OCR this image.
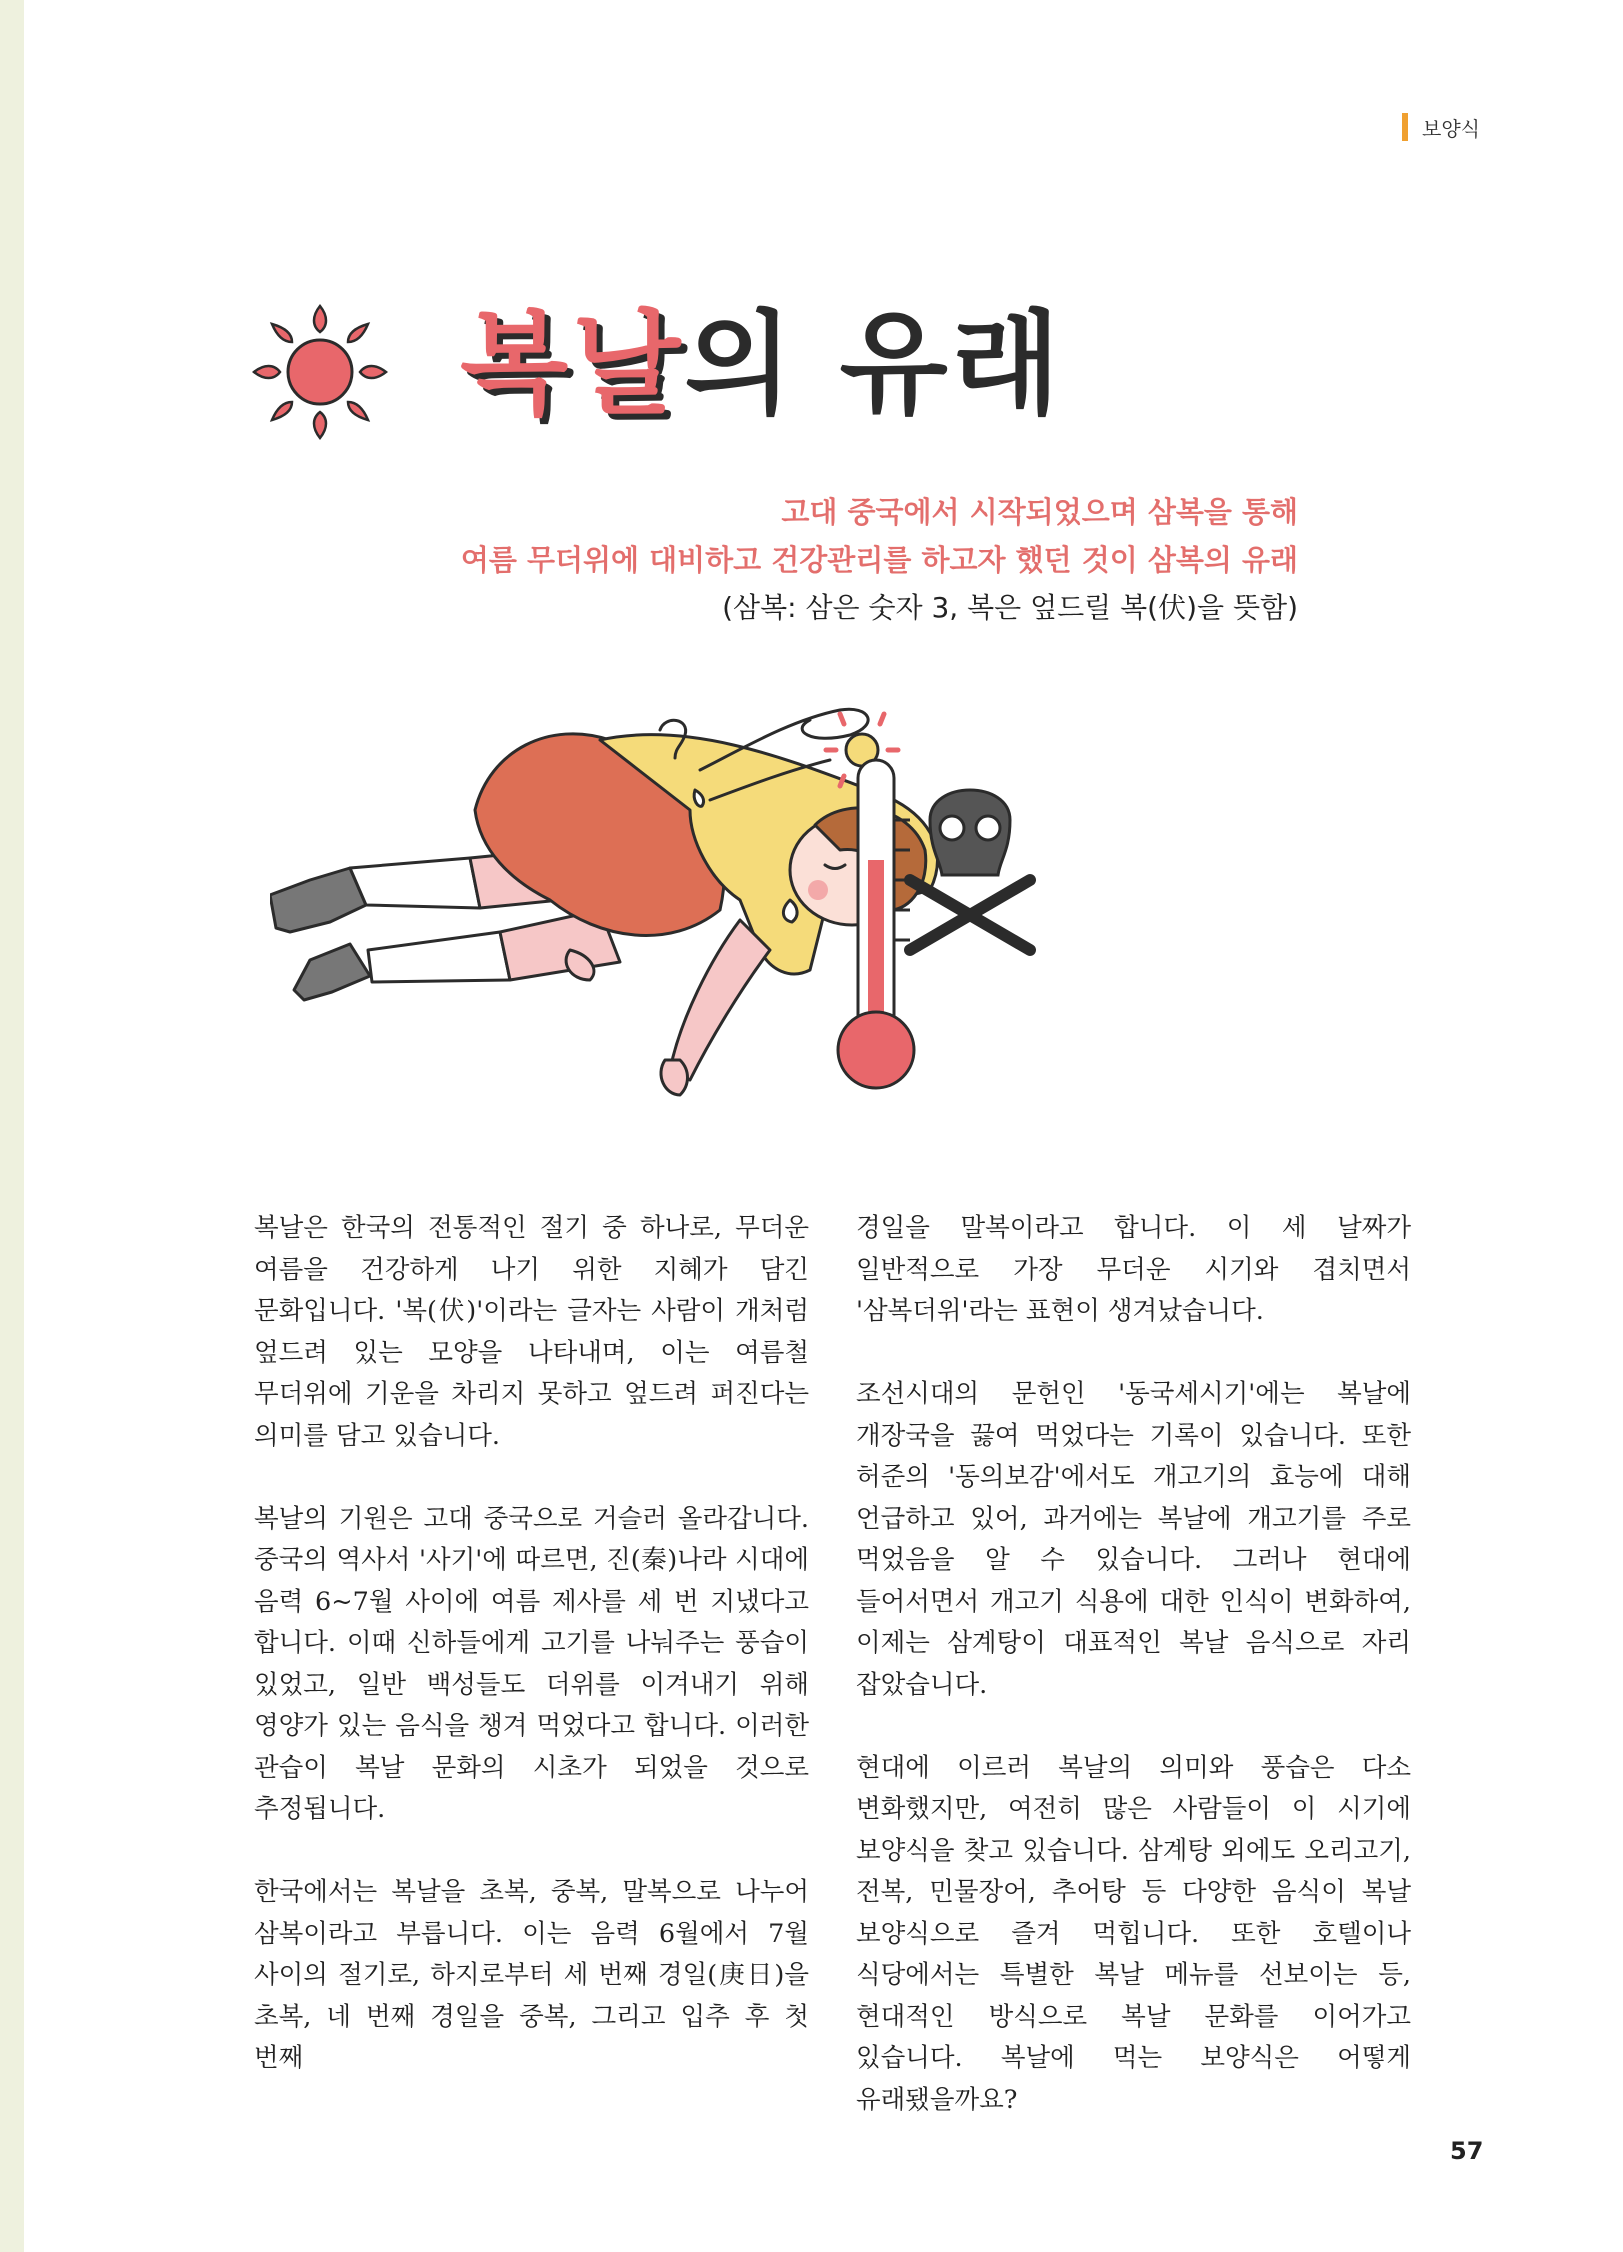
보양식
복날의 유래
고대 중국에서 시작되었으며 삼복을 통해
여름 무더위에 대비하고 건강관리를 하고자 했던 것이 삼복의 유래
(삼복: 삼은 숫자 3, 복은 엎드릴 복(伏)을 뜻함)

복날은 한국의 전통적인 절기 중 하나로, 무더운 여름을 건강하게 나기 위한 지혜가 담긴 문화입니다. '복(伏)'이라는 글자는 사람이 개처럼 엎드려 있는 모양을 나타내며, 이는 여름철 무더위에 기운을 차리지 못하고 엎드려 퍼진다는 의미를 담고 있습니다.

복날의 기원은 고대 중국으로 거슬러 올라갑니다. 중국의 역사서 '사기'에 따르면, 진(秦)나라 시대에 음력 6~7월 사이에 여름 제사를 세 번 지냈다고 합니다. 이때 신하들에게 고기를 나눠주는 풍습이 있었고, 일반 백성들도 더위를 이겨내기 위해 영양가 있는 음식을 챙겨 먹었다고 합니다. 이러한 관습이 복날 문화의 시초가 되었을 것으로 추정됩니다.

한국에서는 복날을 초복, 중복, 말복으로 나누어 삼복이라고 부릅니다. 이는 음력 6월에서 7월 사이의 절기로, 하지로부터 세 번째 경일(庚日)을 초복, 네 번째 경일을 중복, 그리고 입추 후 첫 번째

경일을 말복이라고 합니다. 이 세 날짜가 일반적으로 가장 무더운 시기와 겹치면서 '삼복더위'라는 표현이 생겨났습니다.

조선시대의 문헌인 '동국세시기'에는 복날에 개장국을 끓여 먹었다는 기록이 있습니다. 또한 허준의 '동의보감'에서도 개고기의 효능에 대해 언급하고 있어, 과거에는 복날에 개고기를 주로 먹었음을 알 수 있습니다. 그러나 현대에 들어서면서 개고기 식용에 대한 인식이 변화하여, 이제는 삼계탕이 대표적인 복날 음식으로 자리 잡았습니다.

현대에 이르러 복날의 의미와 풍습은 다소 변화했지만, 여전히 많은 사람들이 이 시기에 보양식을 찾고 있습니다. 삼계탕 외에도 오리고기, 전복, 민물장어, 추어탕 등 다양한 음식이 복날 보양식으로 즐겨 먹힙니다. 또한 호텔이나 식당에서는 특별한 복날 메뉴를 선보이는 등, 현대적인 방식으로 복날 문화를 이어가고 있습니다. 복날에 먹는 보양식은 어떻게 유래됐을까요?

57
